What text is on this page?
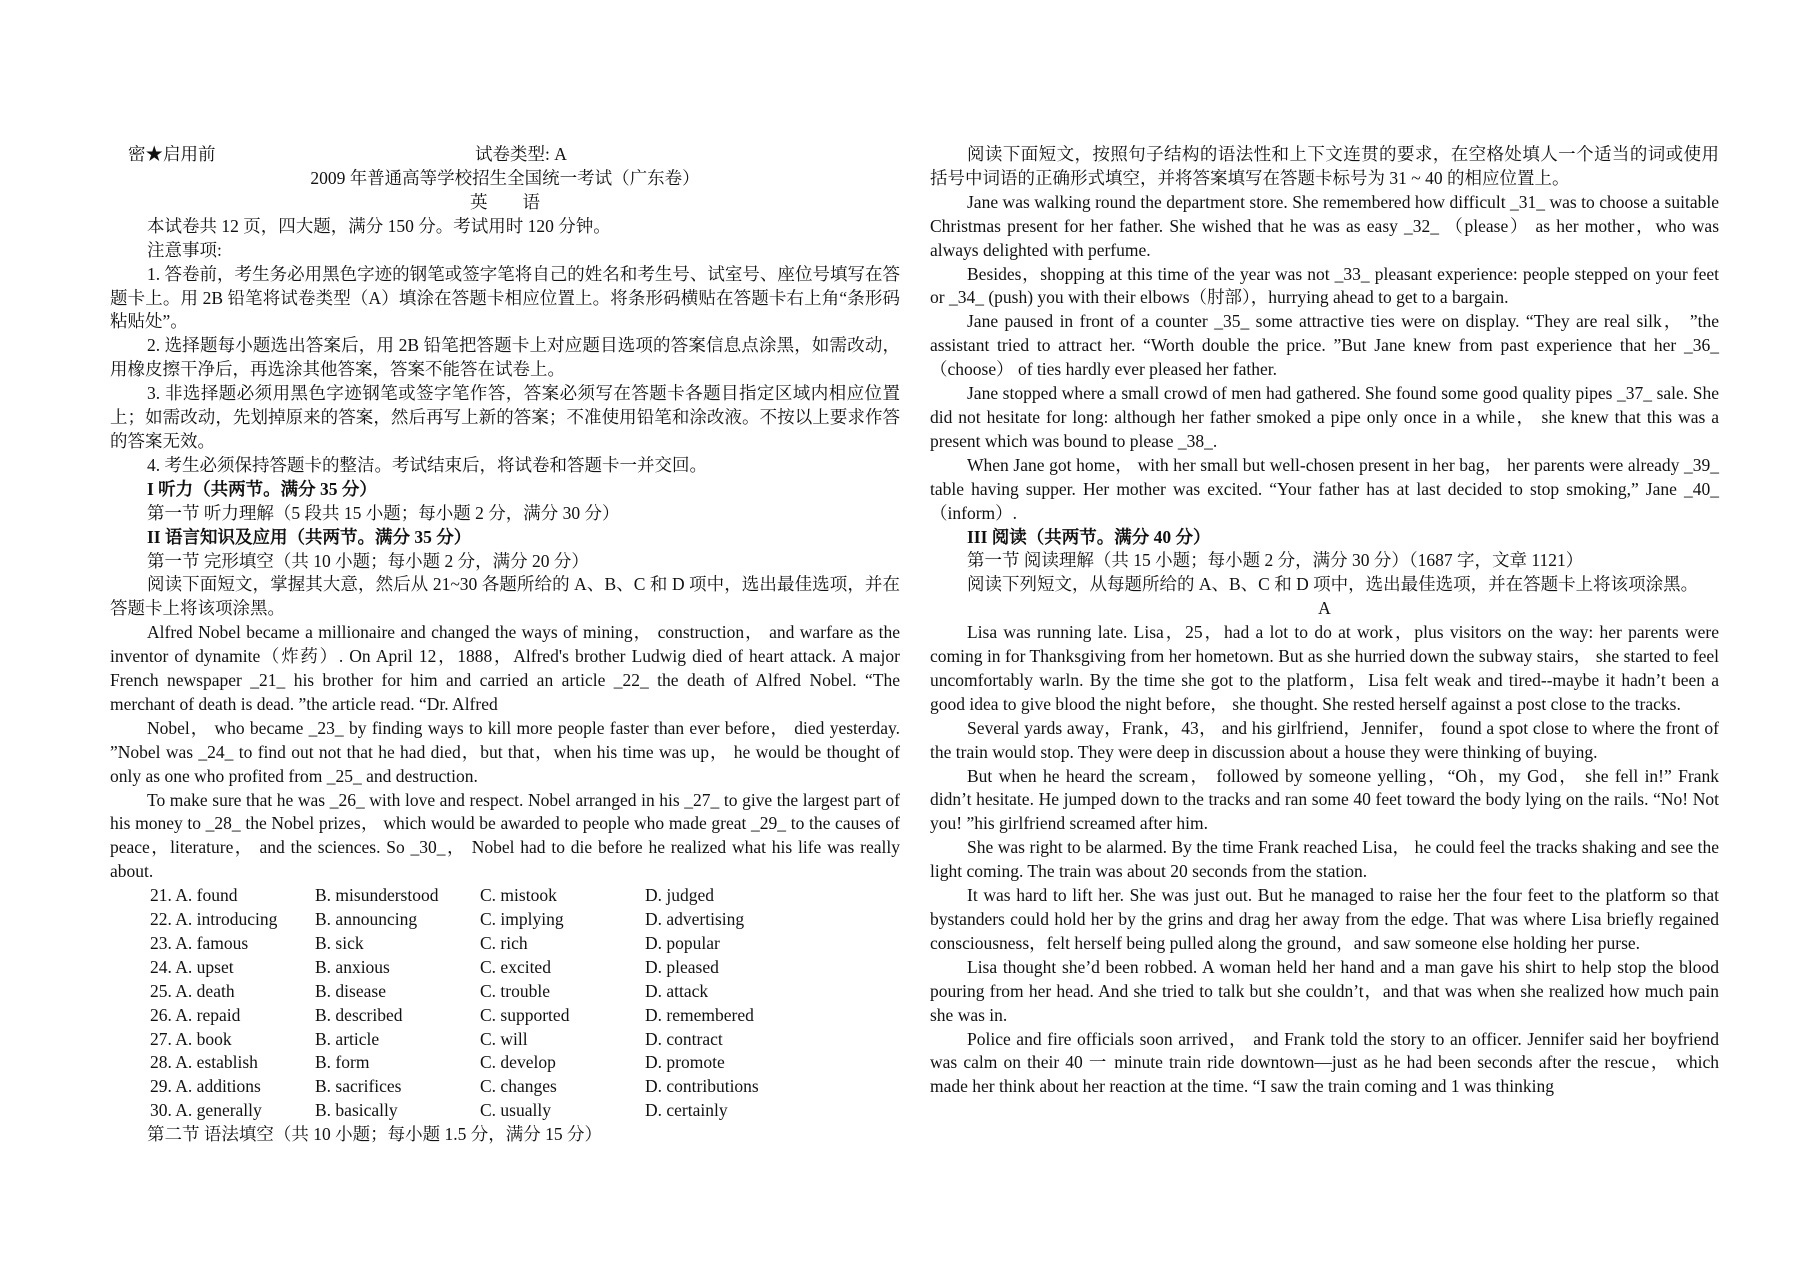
密★启用前	试卷类型: A

2009 年普通高等学校招生全国统一考试（广东卷）

英　　语

本试卷共 12 页，四大题，满分 150 分。考试用时 120 分钟。

注意事项:

1. 答卷前，考生务必用黑色字迹的钢笔或签字笔将自己的姓名和考生号、试室号、座位号填写在答题卡上。用 2B 铅笔将试卷类型（A）填涂在答题卡相应位置上。将条形码横贴在答题卡右上角“条形码粘贴处”。

2. 选择题每小题选出答案后，用 2B 铅笔把答题卡上对应题目选项的答案信息点涂黑，如需改动，用橡皮擦干净后，再选涂其他答案，答案不能答在试卷上。

3. 非选择题必须用黑色字迹钢笔或签字笔作答，答案必须写在答题卡各题目指定区域内相应位置上；如需改动，先划掉原来的答案，然后再写上新的答案；不准使用铅笔和涂改液。不按以上要求作答的答案无效。

4. 考生必须保持答题卡的整洁。考试结束后，将试卷和答题卡一并交回。

I 听力（共两节。满分 35 分）

第一节 听力理解（5 段共 15 小题；每小题 2 分，满分 30 分）

II 语言知识及应用（共两节。满分 35 分）

第一节 完形填空（共 10 小题；每小题 2 分，满分 20 分）

阅读下面短文，掌握其大意，然后从 21~30 各题所给的 A、B、C 和 D 项中，选出最佳选项，并在答题卡上将该项涂黑。

Alfred Nobel became a millionaire and changed the ways of mining， construction， and warfare as the inventor of dynamite（炸药）. On April 12，1888，Alfred's brother Ludwig died of heart attack. A major French newspaper _21_ his brother for him and carried an article _22_ the death of Alfred Nobel. “The merchant of death is dead. ”the article read. “Dr. Alfred

Nobel， who became _23_ by finding ways to kill more people faster than ever before， died yesterday. ”Nobel was _24_ to find out not that he had died，but that，when his time was up， he would be thought of only as one who profited from _25_ and destruction.

To make sure that he was _26_ with love and respect. Nobel arranged in his _27_ to give the largest part of his money to _28_ the Nobel prizes， which would be awarded to people who made great _29_ to the causes of peace，literature， and the sciences. So _30_， Nobel had to die before he realized what his life was really about.

21. A. found	B. misunderstood	C. mistook	D. judged
22. A. introducing	B. announcing	C. implying	D. advertising
23. A. famous	B. sick	C. rich	D. popular
24. A. upset	B. anxious	C. excited	D. pleased
25. A. death	B. disease	C. trouble	D. attack
26. A. repaid	B. described	C. supported	D. remembered
27. A. book	B. article	C. will	D. contract
28. A. establish	B. form	C. develop	D. promote
29. A. additions	B. sacrifices	C. changes	D. contributions
30. A. generally	B. basically	C. usually	D. certainly

第二节 语法填空（共 10 小题；每小题 1.5 分，满分 15 分）

阅读下面短文，按照句子结构的语法性和上下文连贯的要求，在空格处填人一个适当的词或使用括号中词语的正确形式填空，并将答案填写在答题卡标号为 31 ~ 40 的相应位置上。

Jane was walking round the department store. She remembered how difficult _31_ was to choose a suitable Christmas present for her father. She wished that he was as easy _32_ （please） as her mother，who was always delighted with perfume.

Besides，shopping at this time of the year was not _33_ pleasant experience: people stepped on your feet or _34_ (push) you with their elbows（肘部），hurrying ahead to get to a bargain.

Jane paused in front of a counter _35_ some attractive ties were on display. “They are real silk， ”the assistant tried to attract her. “Worth double the price. ”But Jane knew from past experience that her _36_ （choose） of ties hardly ever pleased her father.

Jane stopped where a small crowd of men had gathered. She found some good quality pipes _37_ sale. She did not hesitate for long: although her father smoked a pipe only once in a while， she knew that this was a present which was bound to please _38_.

When Jane got home， with her small but well-chosen present in her bag， her parents were already _39_ table having supper. Her mother was excited. “Your father has at last decided to stop smoking,” Jane _40_ （inform）.

III 阅读（共两节。满分 40 分）

第一节 阅读理解（共 15 小题；每小题 2 分，满分 30 分）（1687 字，文章 1121）

阅读下列短文，从每题所给的 A、B、C 和 D 项中，选出最佳选项，并在答题卡上将该项涂黑。

A

Lisa was running late. Lisa，25，had a lot to do at work，plus visitors on the way: her parents were coming in for Thanksgiving from her hometown. But as she hurried down the subway stairs， she started to feel uncomfortably warln. By the time she got to the platform，Lisa felt weak and tired--maybe it hadn’t been a good idea to give blood the night before， she thought. She rested herself against a post close to the tracks.

Several yards away，Frank，43， and his girlfriend，Jennifer， found a spot close to where the front of the train would stop. They were deep in discussion about a house they were thinking of buying.

But when he heard the scream， followed by someone yelling，“Oh，my God， she fell in!” Frank didn’t hesitate. He jumped down to the tracks and ran some 40 feet toward the body lying on the rails. “No! Not you! ”his girlfriend screamed after him.

She was right to be alarmed. By the time Frank reached Lisa， he could feel the tracks shaking and see the light coming. The train was about 20 seconds from the station.

It was hard to lift her. She was just out. But he managed to raise her the four feet to the platform so that bystanders could hold her by the grins and drag her away from the edge. That was where Lisa briefly regained consciousness，felt herself being pulled along the ground，and saw someone else holding her purse.

Lisa thought she’d been robbed. A woman held her hand and a man gave his shirt to help stop the blood pouring from her head. And she tried to talk but she couldn’t，and that was when she realized how much pain she was in.

Police and fire officials soon arrived， and Frank told the story to an officer. Jennifer said her boyfriend was calm on their 40 一 minute train ride downtown—just as he had been seconds after the rescue， which made her think about her reaction at the time. “I saw the train coming and 1 was thinking
